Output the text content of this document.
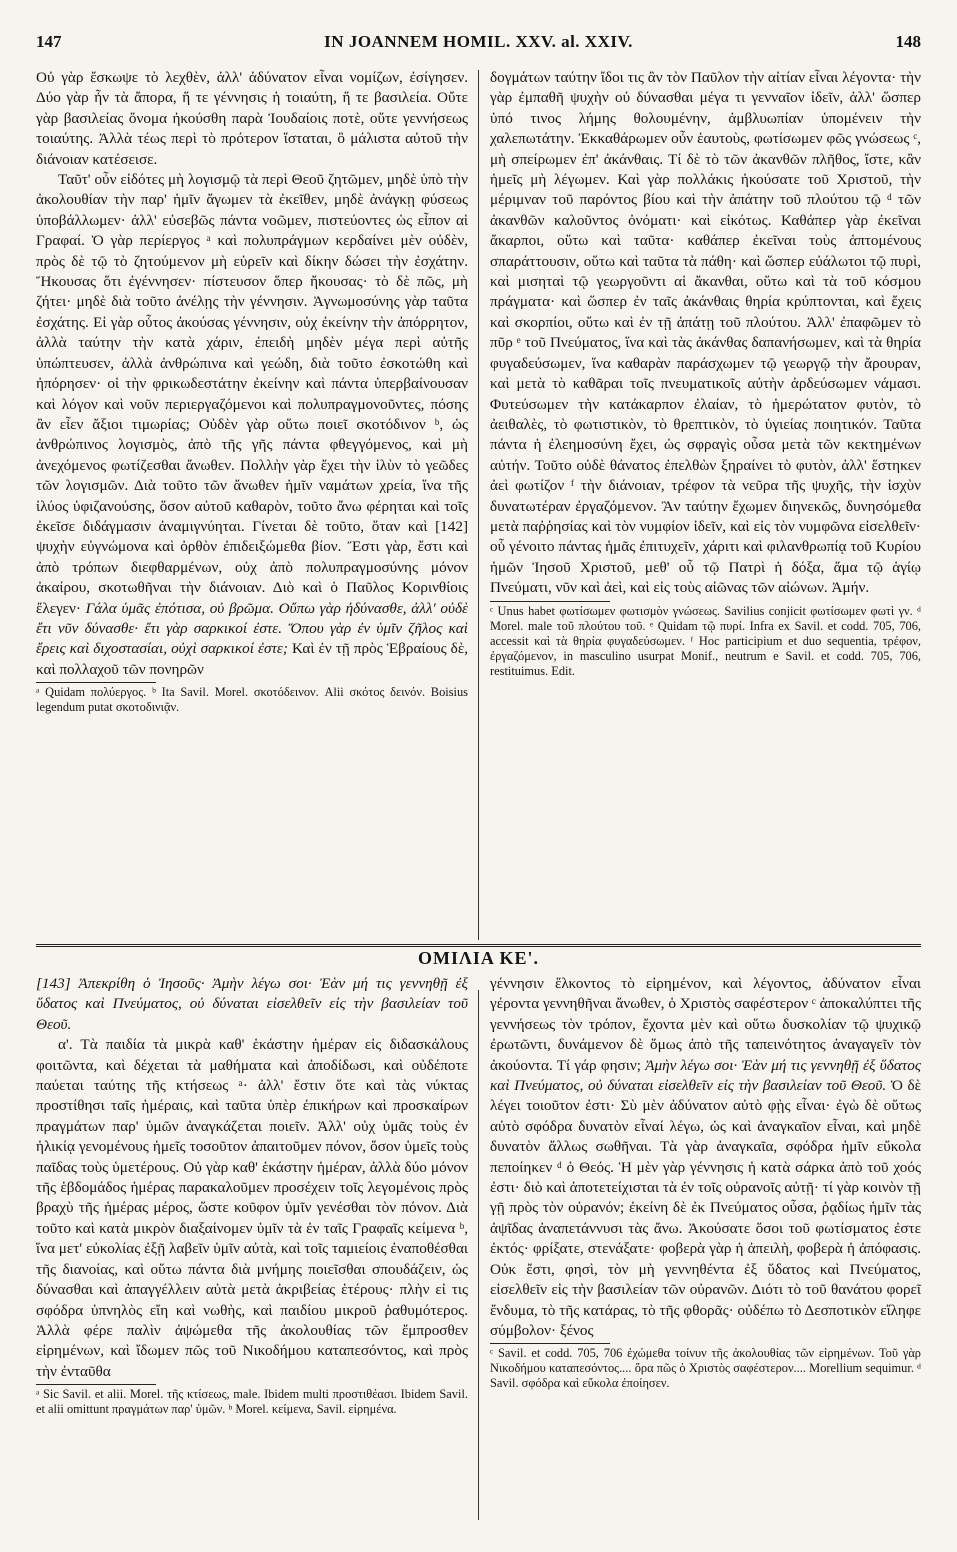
147	IN JOANNEM HOMIL. XXV. al. XXIV.	148

Οὐ γὰρ ἔσκωψε τὸ λεχθὲν, ἀλλ' ἀδύνατον εἶναι νομίζων, ἐσίγησεν. Δύο γὰρ ἦν τὰ ἄπορα, ἥ τε γέννησις ἡ τοιαύτη, ἥ τε βασιλεία. Οὔτε γὰρ βασιλείας ὄνομα ἠκούσθη παρὰ Ἰουδαίοις ποτὲ, οὔτε γεννήσεως τοιαύτης. Ἀλλὰ τέως περὶ τὸ πρότερον ἵσταται, ὃ μάλιστα αὐτοῦ τὴν διάνοιαν κατέσεισε.

Ταῦτ' οὖν εἰδότες μὴ λογισμῷ τὰ περὶ Θεοῦ ζητῶμεν, μηδὲ ὑπὸ τὴν ἀκολουθίαν τὴν παρ' ἡμῖν ἄγωμεν τὰ ἐκεῖθεν, μηδὲ ἀνάγκῃ φύσεως ὑποβάλλωμεν· ἀλλ' εὐσεβῶς πάντα νοῶμεν, πιστεύοντες ὡς εἶπον αἱ Γραφαί. Ὁ γὰρ περίεργος ᵃ καὶ πολυπράγμων κερδαίνει μὲν οὐδὲν, πρὸς δὲ τῷ τὸ ζητούμενον μὴ εὑρεῖν καὶ δίκην δώσει τὴν ἐσχάτην. Ἤκουσας ὅτι ἐγέννησεν· πίστευσον ὅπερ ἤκουσας· τὸ δὲ πῶς, μὴ ζήτει· μηδὲ διὰ τοῦτο ἀνέλῃς τὴν γέννησιν. Ἀγνωμοσύνης γὰρ ταῦτα ἐσχάτης. Εἰ γὰρ οὗτος ἀκούσας γέννησιν, οὐχ ἐκείνην τὴν ἀπόρρητον, ἀλλὰ ταύτην τὴν κατὰ χάριν, ἐπειδὴ μηδὲν μέγα περὶ αὐτῆς ὑπώπτευσεν, ἀλλὰ ἀνθρώπινα καὶ γεώδη, διὰ τοῦτο ἐσκοτώθη καὶ ἠπόρησεν· οἱ τὴν φρικωδεστάτην ἐκείνην καὶ πάντα ὑπερβαίνουσαν καὶ λόγον καὶ νοῦν περιεργαζόμενοι καὶ πολυπραγμονοῦντες, πόσης ἂν εἶεν ἄξιοι τιμωρίας; Οὐδὲν γὰρ οὕτω ποιεῖ σκοτόδινον ᵇ, ὡς ἀνθρώπινος λογισμὸς, ἀπὸ τῆς γῆς πάντα φθεγγόμενος, καὶ μὴ ἀνεχόμενος φωτίζεσθαι ἄνωθεν. Πολλὴν γὰρ ἔχει τὴν ἰλὺν τὸ γεῶδες τῶν λογισμῶν. Διὰ τοῦτο τῶν ἄνωθεν ἡμῖν ναμάτων χρεία, ἵνα τῆς ἰλύος ὑφιζανούσης, ὅσον αὐτοῦ καθαρὸν, τοῦτο ἄνω φέρηται καὶ τοῖς ἐκεῖσε διδάγμασιν ἀναμιγνύηται. Γίνεται δὲ τοῦτο, ὅταν καὶ [142] ψυχὴν εὐγνώμονα καὶ ὀρθὸν ἐπιδειξώμεθα βίον. Ἔστι γὰρ, ἔστι καὶ ἀπὸ τρόπων διεφθαρμένων, οὐχ ἀπὸ πολυπραγμοσύνης μόνον ἀκαίρου, σκοτωθῆναι τὴν διάνοιαν. Διὸ καὶ ὁ Παῦλος Κορινθίοις ἔλεγεν· Γάλα ὑμᾶς ἐπότισα, οὐ βρῶμα. Οὔπω γὰρ ἠδύνασθε, ἀλλ' οὐδὲ ἔτι νῦν δύνασθε· ἔτι γὰρ σαρκικοί ἐστε. Ὅπου γὰρ ἐν ὑμῖν ζῆλος καὶ ἔρεις καὶ διχοστασίαι, οὐχὶ σαρκικοί ἐστε; Καὶ ἐν τῇ πρὸς Ἑβραίους δὲ, καὶ πολλαχοῦ τῶν πονηρῶν

ᵃ Quidam πολύεργος. ᵇ Ita Savil. Morel. σκοτόδεινον. Alii σκότος δεινόν. Boisius legendum putat σκοτοδινιᾷν.

δογμάτων ταύτην ἴδοι τις ἂν τὸν Παῦλον τὴν αἰτίαν εἶναι λέγοντα· τὴν γὰρ ἐμπαθῆ ψυχὴν οὐ δύνασθαι μέγα τι γενναῖον ἰδεῖν, ἀλλ' ὥσπερ ὑπό τινος λήμης θολουμένην, ἀμβλυωπίαν ὑπομένειν τὴν χαλεπωτάτην. Ἐκκαθάρωμεν οὖν ἑαυτοὺς, φωτίσωμεν φῶς γνώσεως ᶜ, μὴ σπείρωμεν ἐπ' ἀκάνθαις. Τί δὲ τὸ τῶν ἀκανθῶν πλῆθος, ἴστε, κἂν ἡμεῖς μὴ λέγωμεν. Καὶ γὰρ πολλάκις ἠκούσατε τοῦ Χριστοῦ, τὴν μέριμναν τοῦ παρόντος βίου καὶ τὴν ἀπάτην τοῦ πλούτου τῷ ᵈ τῶν ἀκανθῶν καλοῦντος ὀνόματι· καὶ εἰκότως. Καθάπερ γὰρ ἐκεῖναι ἄκαρποι, οὕτω καὶ ταῦτα· καθάπερ ἐκεῖναι τοὺς ἁπτομένους σπαράττουσιν, οὕτω καὶ ταῦτα τὰ πάθη· καὶ ὥσπερ εὐάλωτοι τῷ πυρὶ, καὶ μισηταὶ τῷ γεωργοῦντι αἱ ἄκανθαι, οὕτω καὶ τὰ τοῦ κόσμου πράγματα· καὶ ὥσπερ ἐν ταῖς ἀκάνθαις θηρία κρύπτονται, καὶ ἔχεις καὶ σκορπίοι, οὕτω καὶ ἐν τῇ ἀπάτῃ τοῦ πλούτου. Ἀλλ' ἐπαφῶμεν τὸ πῦρ ᵉ τοῦ Πνεύματος, ἵνα καὶ τὰς ἀκάνθας δαπανήσωμεν, καὶ τὰ θηρία φυγαδεύσωμεν, ἵνα καθαρὰν παράσχωμεν τῷ γεωργῷ τὴν ἄρουραν, καὶ μετὰ τὸ καθᾶραι τοῖς πνευματικοῖς αὐτὴν ἀρδεύσωμεν νάμασι. Φυτεύσωμεν τὴν κατάκαρπον ἐλαίαν, τὸ ἡμερώτατον φυτὸν, τὸ ἀειθαλὲς, τὸ φωτιστικὸν, τὸ θρεπτικὸν, τὸ ὑγιείας ποιητικόν. Ταῦτα πάντα ἡ ἐλεημοσύνη ἔχει, ὡς σφραγὶς οὖσα μετὰ τῶν κεκτημένων αὐτήν. Τοῦτο οὐδὲ θάνατος ἐπελθὼν ξηραίνει τὸ φυτὸν, ἀλλ' ἕστηκεν ἀεὶ φωτίζον ᶠ τὴν διάνοιαν, τρέφον τὰ νεῦρα τῆς ψυχῆς, τὴν ἰσχὺν δυνατωτέραν ἐργαζόμενον. Ἂν ταύτην ἔχωμεν διηνεκῶς, δυνησόμεθα μετὰ παῤῥησίας καὶ τὸν νυμφίον ἰδεῖν, καὶ εἰς τὸν νυμφῶνα εἰσελθεῖν· οὗ γένοιτο πάντας ἡμᾶς ἐπιτυχεῖν, χάριτι καὶ φιλανθρωπίᾳ τοῦ Κυρίου ἡμῶν Ἰησοῦ Χριστοῦ, μεθ' οὗ τῷ Πατρὶ ἡ δόξα, ἅμα τῷ ἁγίῳ Πνεύματι, νῦν καὶ ἀεὶ, καὶ εἰς τοὺς αἰῶνας τῶν αἰώνων. Ἀμήν.

ᶜ Unus habet φωτίσωμεν φωτισμὸν γνώσεως. Savilius conjicit φωτίσωμεν φωτὶ γν. ᵈ Morel. male τοῦ πλούτου τοῦ. ᵉ Quidam τῷ πυρί. Infra ex Savil. et codd. 705, 706, accessit καὶ τὰ θηρία φυγαδεύσωμεν. ᶠ Hoc participium et duo sequentia, τρέφον, ἐργαζόμενον, in masculino usurpat Monif., neutrum e Savil. et codd. 705, 706, restituimus. Edit.

ΟΜΙΛΙΑ ΚΕ'.

[143] Ἀπεκρίθη ὁ Ἰησοῦς· Ἀμὴν λέγω σοι· Ἐὰν μή τις γεννηθῇ ἐξ ὕδατος καὶ Πνεύματος, οὐ δύναται εἰσελθεῖν εἰς τὴν βασιλείαν τοῦ Θεοῦ.

α'. Τὰ παιδία τὰ μικρὰ καθ' ἑκάστην ἡμέραν εἰς διδασκάλους φοιτῶντα, καὶ δέχεται τὰ μαθήματα καὶ ἀποδίδωσι, καὶ οὐδέποτε παύεται ταύτης τῆς κτήσεως ᵃ· ἀλλ' ἔστιν ὅτε καὶ τὰς νύκτας προστίθησι ταῖς ἡμέραις, καὶ ταῦτα ὑπὲρ ἐπικήρων καὶ προσκαίρων πραγμάτων παρ' ὑμῶν ἀναγκάζεται ποιεῖν. Ἀλλ' οὐχ ὑμᾶς τοὺς ἐν ἡλικίᾳ γενομένους ἡμεῖς τοσοῦτον ἀπαιτοῦμεν πόνον, ὅσον ὑμεῖς τοὺς παῖδας τοὺς ὑμετέρους. Οὐ γὰρ καθ' ἑκάστην ἡμέραν, ἀλλὰ δύο μόνον τῆς ἑβδομάδος ἡμέρας παρακαλοῦμεν προσέχειν τοῖς λεγομένοις πρὸς βραχὺ τῆς ἡμέρας μέρος, ὥστε κοῦφον ὑμῖν γενέσθαι τὸν πόνον. Διὰ τοῦτο καὶ κατὰ μικρὸν διαξαίνομεν ὑμῖν τὰ ἐν ταῖς Γραφαῖς κείμενα ᵇ, ἵνα μετ' εὐκολίας ἐξῇ λαβεῖν ὑμῖν αὐτὰ, καὶ τοῖς ταμιείοις ἐναποθέσθαι τῆς διανοίας, καὶ οὕτω πάντα διὰ μνήμης ποιεῖσθαι σπουδάζειν, ὡς δύνασθαι καὶ ἀπαγγέλλειν αὐτὰ μετὰ ἀκριβείας ἑτέρους· πλὴν εἰ τις σφόδρα ὑπνηλὸς εἴη καὶ νωθὴς, καὶ παιδίου μικροῦ ῥαθυμότερος. Ἀλλὰ φέρε παλὶν ἀψώμεθα τῆς ἀκολουθίας τῶν ἔμπροσθεν εἰρημένων, καὶ ἴδωμεν πῶς τοῦ Νικοδήμου καταπεσόντος, καὶ πρὸς τὴν ἐνταῦθα

ᵃ Sic Savil. et alii. Morel. τῆς κτίσεως, male. Ibidem multi προστιθέασι. Ibidem Savil. et alii omittunt πραγμάτων παρ' ὑμῶν. ᵇ Morel. κείμενα, Savil. εἰρημένα.

γέννησιν ἕλκοντος τὸ εἰρημένον, καὶ λέγοντος, ἀδύνατον εἶναι γέροντα γεννηθῆναι ἄνωθεν, ὁ Χριστὸς σαφέστερον ᶜ ἀποκαλύπτει τῆς γεννήσεως τὸν τρόπον, ἔχοντα μὲν καὶ οὕτω δυσκολίαν τῷ ψυχικῷ ἐρωτῶντι, δυνάμενον δὲ ὅμως ἀπὸ τῆς ταπεινότητος ἀναγαγεῖν τὸν ἀκούοντα. Τί γάρ φησιν; Ἀμὴν λέγω σοι· Ἐὰν μή τις γεννηθῇ ἐξ ὕδατος καὶ Πνεύματος, οὐ δύναται εἰσελθεῖν εἰς τὴν βασιλείαν τοῦ Θεοῦ. Ὁ δὲ λέγει τοιοῦτον ἐστι· Σὺ μὲν ἀδύνατον αὐτὸ φῂς εἶναι· ἐγὼ δὲ οὕτως αὐτὸ σφόδρα δυνατὸν εἶναί λέγω, ὡς καὶ ἀναγκαῖον εἶναι, καὶ μηδὲ δυνατὸν ἄλλως σωθῆναι. Τὰ γὰρ ἀναγκαῖα, σφόδρα ἡμῖν εὔκολα πεποίηκεν ᵈ ὁ Θεός. Ἡ μὲν γὰρ γέννησις ἡ κατὰ σάρκα ἀπὸ τοῦ χοός ἐστι· διὸ καὶ ἀποτετείχισται τὰ ἐν τοῖς οὐρανοῖς αὐτῇ· τί γὰρ κοινὸν τῇ γῇ πρὸς τὸν οὐρανόν; ἐκείνη δὲ ἐκ Πνεύματος οὖσα, ῥᾳδίως ἡμῖν τὰς ἀψῖδας ἀναπετάννυσι τὰς ἄνω. Ἀκούσατε ὅσοι τοῦ φωτίσματος ἐστε ἐκτός· φρίξατε, στενάξατε· φοβερὰ γὰρ ἡ ἀπειλὴ, φοβερὰ ἡ ἀπόφασις. Οὐκ ἔστι, φησὶ, τὸν μὴ γεννηθέντα ἐξ ὕδατος καὶ Πνεύματος, εἰσελθεῖν εἰς τὴν βασιλείαν τῶν οὐρανῶν. Διότι τὸ τοῦ θανάτου φορεῖ ἔνδυμα, τὸ τῆς κατάρας, τὸ τῆς φθορᾶς· οὐδέπω τὸ Δεσποτικὸν εἴληφε σύμβολον· ξένος

ᶜ Savil. et codd. 705, 706 ἐχώμεθα τοίνυν τῆς ἀκολουθίας τῶν εἰρημένων. Τοῦ γὰρ Νικοδήμου καταπεσόντος.... ὅρα πῶς ὁ Χριστὸς σαφέστερον.... Morellium sequimur. ᵈ Savil. σφόδρα καὶ εὔκολα ἐποίησεν.
